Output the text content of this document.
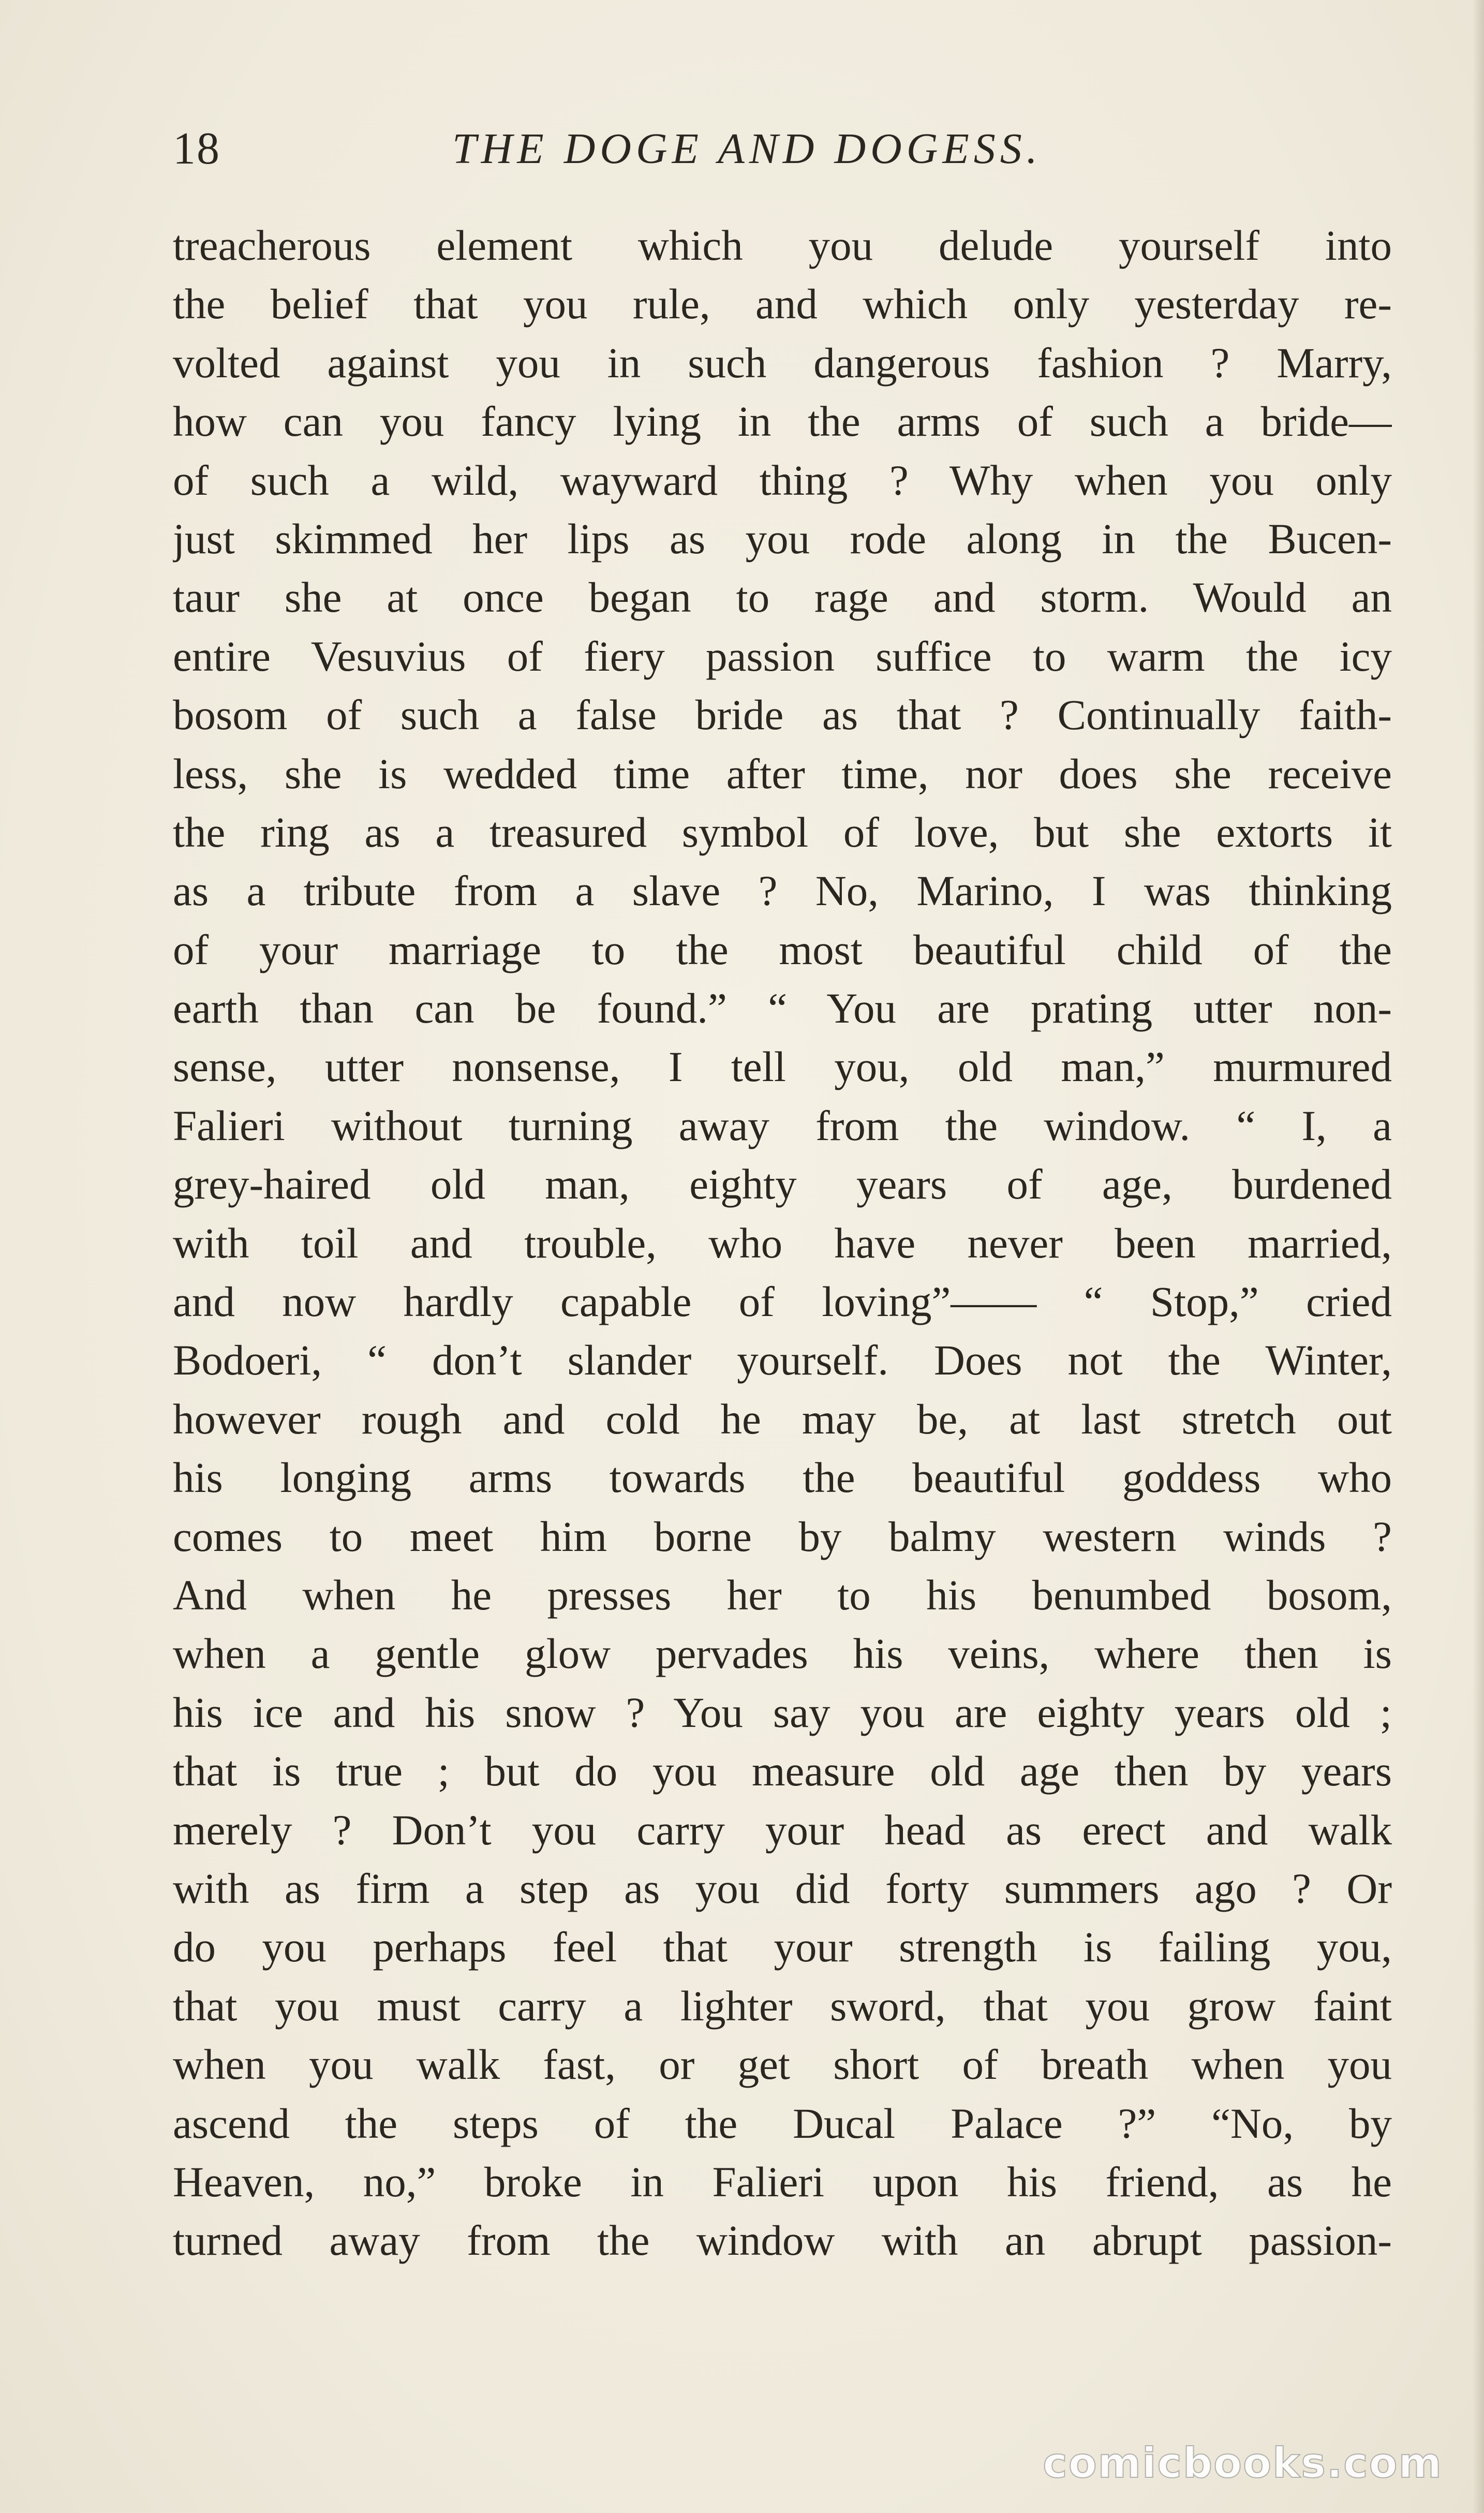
18	THE DOGE AND DOGESS.
treacherous element which you delude yourself into
the belief that you rule, and which only yesterday re-
volted against you in such dangerous fashion ? Marry,
how can you fancy lying in the arms of such a bride—
of such a wild, wayward thing ? Why when you only
just skimmed her lips as you rode along in the Bucen-
taur she at once began to rage and storm. Would an
entire Vesuvius of fiery passion suffice to warm the icy
bosom of such a false bride as that ? Continually faith-
less, she is wedded time after time, nor does she receive
the ring as a treasured symbol of love, but she extorts it
as a tribute from a slave ? No, Marino, I was thinking
of your marriage to the most beautiful child of the
earth than can be found.” “ You are prating utter non-
sense, utter nonsense, I tell you, old man,” murmured
Falieri without turning away from the window. “ I, a
grey-haired old man, eighty years of age, burdened
with toil and trouble, who have never been married,
and now hardly capable of loving”—— “ Stop,” cried
Bodoeri, “ don’t slander yourself. Does not the Winter,
however rough and cold he may be, at last stretch out
his longing arms towards the beautiful goddess who
comes to meet him borne by balmy western winds ?
And when he presses her to his benumbed bosom,
when a gentle glow pervades his veins, where then is
his ice and his snow ? You say you are eighty years old ;
that is true ; but do you measure old age then by years
merely ? Don’t you carry your head as erect and walk
with as firm a step as you did forty summers ago ? Or
do you perhaps feel that your strength is failing you,
that you must carry a lighter sword, that you grow faint
when you walk fast, or get short of breath when you
ascend the steps of the Ducal Palace ?” “No, by
Heaven, no,” broke in Falieri upon his friend, as he
turned away from the window with an abrupt passion-
comicbooks.com
